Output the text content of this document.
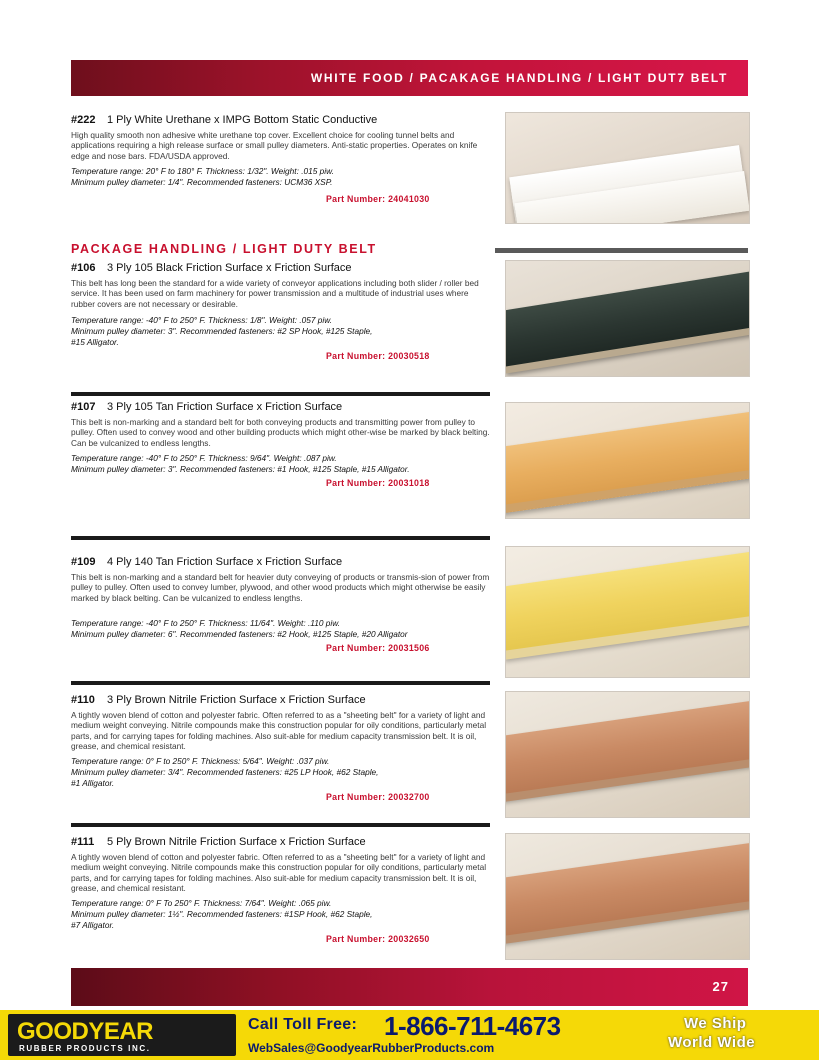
WHITE FOOD / PACAKAGE HANDLING / LIGHT DUT7 BELT
#222 1 Ply White Urethane x IMPG Bottom Static Conductive
High quality smooth non adhesive white urethane top cover. Excellent choice for cooling tunnel belts and applications requiring a high release surface or small pulley diameters. Anti-static properties. Operates on knife edge and nose bars. FDA/USDA approved.
Temperature range: 20° F to 180° F. Thickness: 1/32". Weight: .015 piw.
Minimum pulley diameter: 1/4". Recommended fasteners: UCM36 XSP.
Part Number: 24041030
PACKAGE HANDLING / LIGHT DUTY BELT
#106 3 Ply 105 Black Friction Surface x Friction Surface
This belt has long been the standard for a wide variety of conveyor applications including both slider / roller bed service. It has been used on farm machinery for power transmission and a multitude of industrial uses where rubber covers are not necessary or desirable.
Temperature range: -40° F to 250° F. Thickness: 1/8". Weight: .057 piw.
Minimum pulley diameter: 3". Recommended fasteners: #2 SP Hook, #125 Staple,
#15 Alligator.
Part Number: 20030518
#107 3 Ply 105 Tan Friction Surface x Friction Surface
This belt is non-marking and a standard belt for both conveying products and transmitting power from pulley to pulley. Often used to convey wood and other building products which might other-wise be marked by black belting. Can be vulcanized to endless lengths.
Temperature range: -40° F to 250° F. Thickness: 9/64". Weight: .087 piw.
Minimum pulley diameter: 3". Recommended fasteners: #1 Hook, #125 Staple, #15 Alligator.
Part Number: 20031018
#109 4 Ply 140 Tan Friction Surface x Friction Surface
This belt is non-marking and a standard belt for heavier duty conveying of products or transmis-sion of power from pulley to pulley. Often used to convey lumber, plywood, and other wood products which might otherwise be easily marked by black belting. Can be vulcanized to endless lengths.
Temperature range: -40° F to 250° F. Thickness: 11/64". Weight: .110 piw.
Minimum pulley diameter: 6". Recommended fasteners: #2 Hook, #125 Staple, #20 Alligator
Part Number: 20031506
#110 3 Ply Brown Nitrile Friction Surface x Friction Surface
A tightly woven blend of cotton and polyester fabric. Often referred to as a "sheeting belt" for a variety of light and medium weight conveying. Nitrile compounds make this construction popular for oily conditions, particularly metal parts, and for carrying tapes for folding machines. Also suit-able for medium capacity transmission belt. It is oil, grease, and chemical resistant.
Temperature range: 0° F to 250° F. Thickness: 5/64". Weight: .037 piw.
Minimum pulley diameter: 3/4". Recommended fasteners: #25 LP Hook, #62 Staple,
#1 Alligator.
Part Number: 20032700
#111 5 Ply Brown Nitrile Friction Surface x Friction Surface
A tightly woven blend of cotton and polyester fabric. Often referred to as a "sheeting belt" for a variety of light and medium weight conveying. Nitrile compounds make this construction popular for oily conditions, particularly metal parts, and for carrying tapes for folding machines. Also suit-able for medium capacity transmission belt. It is oil, grease, and chemical resistant.
Temperature range: 0° F To 250° F. Thickness: 7/64". Weight: .065 piw.
Minimum pulley diameter: 1½". Recommended fasteners: #1SP Hook, #62 Staple,
#7 Alligator.
Part Number: 20032650
27
GOODYEAR
RUBBER PRODUCTS INC.
Call Toll Free: 1-866-711-4673
WebSales@GoodyearRubberProducts.com
We Ship
World Wide
